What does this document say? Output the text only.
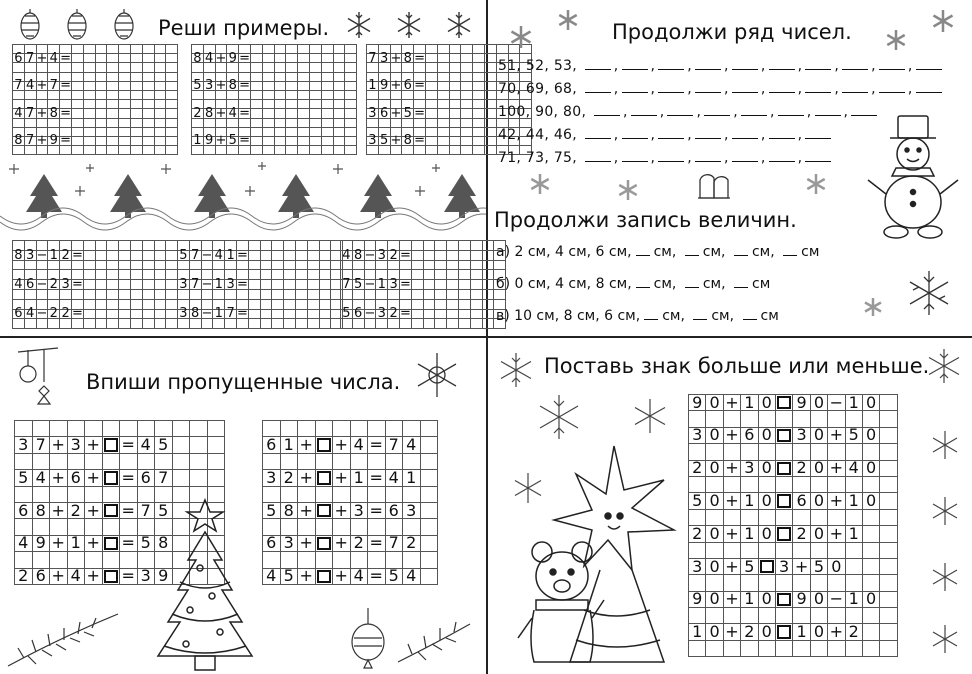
Реши примеры.
6 7 + 4 =
7 4 + 7 =
4 7 + 8 =
8 7 + 9 =
8 4 + 9 =
5 3 + 8 =
2 8 + 4 =
1 9 + 5 =
7 3 + 8 =
1 9 + 6 =
3 6 + 5 =
3 5 + 8 =
8 3 − 1 2 =
4 6 − 2 3 =
6 4 − 2 2 =
5 7 − 4 1 =
3 7 − 1 3 =
3 8 − 1 7 =
4 8 − 3 2 =
7 5 − 1 3 =
5 6 − 3 2 =
Продолжи ряд чисел.
51, 52, 53, , , , , , , , , ,
70, 69, 68, , , , , , , , , ,
100, 90, 80, , , , , , , ,
42, 44, 46, , , , , , ,
71, 73, 75, , , , , , ,
Продолжи запись величин.
а) 2 см, 4 см, 6 см, см, см, см, см
б) 0 см, 4 см, 8 см, см, см, см
в) 10 см, 8 см, 6 см, см, см, см
Впиши пропущенные числа.
3 7 + 3 + = 4 5
5 4 + 6 + = 6 7
6 8 + 2 + = 7 5
4 9 + 1 + = 5 8
2 6 + 4 + = 3 9
6 1 + + 4 = 7 4
3 2 + + 1 = 4 1
5 8 + + 3 = 6 3
6 3 + + 2 = 7 2
4 5 + + 4 = 5 4
Поставь знак больше или меньше.
9 0 + 1 0 9 0 − 1 0
3 0 + 6 0 3 0 + 5 0
2 0 + 3 0 2 0 + 4 0
5 0 + 1 0 6 0 + 1 0
2 0 + 1 0 2 0 + 1
3 0 + 5 3 + 5 0
9 0 + 1 0 9 0 − 1 0
1 0 + 2 0 1 0 + 2
